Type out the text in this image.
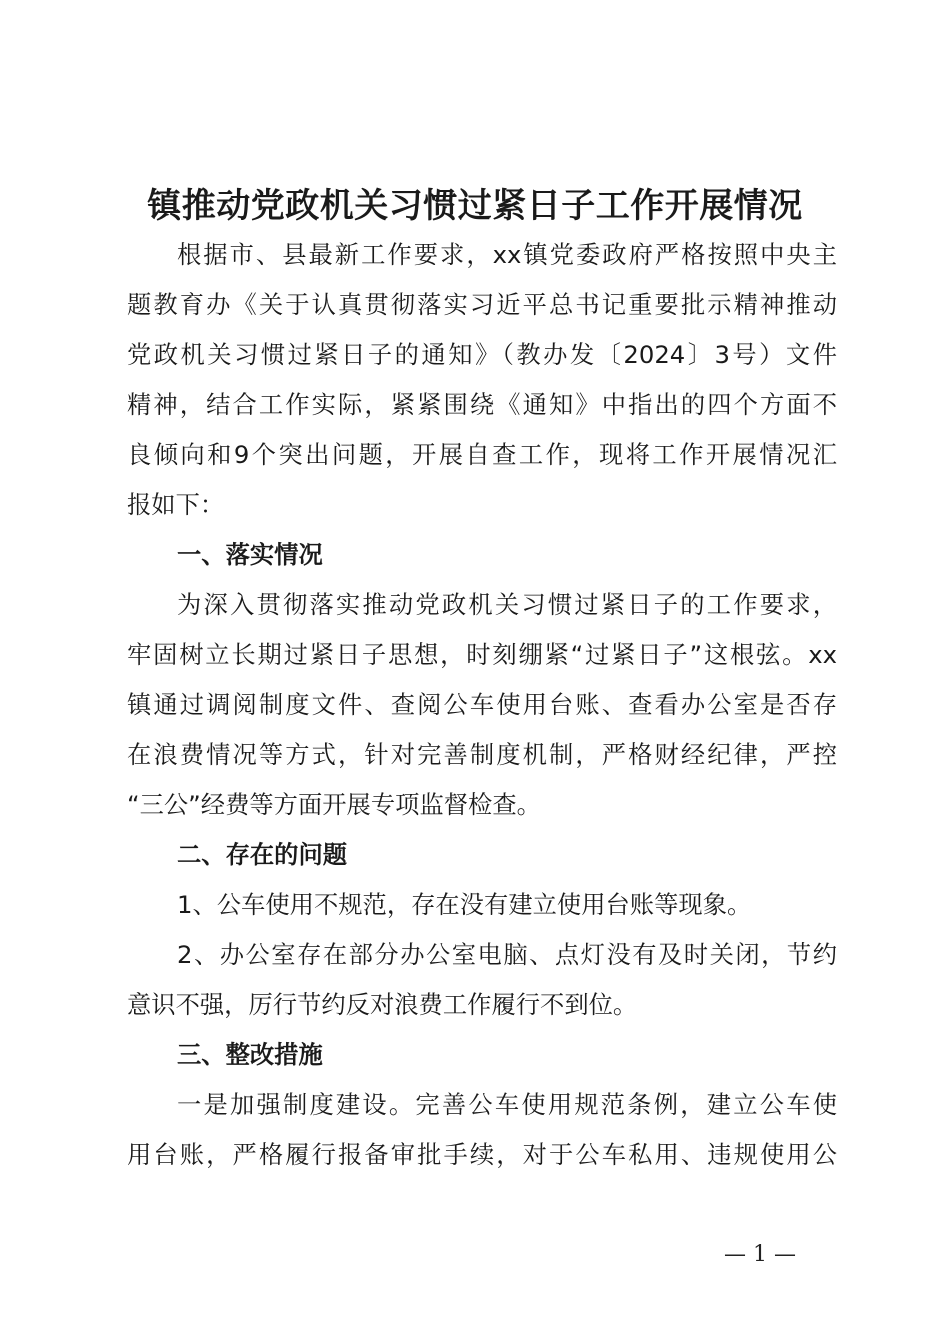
镇推动党政机关习惯过紧日子工作开展情况
根据市、县最新工作要求，xx镇党委政府严格按照中央主
题教育办《关于认真贯彻落实习近平总书记重要批示精神推动
党政机关习惯过紧日子的通知》（教办发〔2024〕3号）文件
精神，结合工作实际，紧紧围绕《通知》中指出的四个方面不
良倾向和9个突出问题，开展自查工作，现将工作开展情况汇
报如下：
一、落实情况
为深入贯彻落实推动党政机关习惯过紧日子的工作要求，
牢固树立长期过紧日子思想，时刻绷紧“过紧日子”这根弦。xx
镇通过调阅制度文件、查阅公车使用台账、查看办公室是否存
在浪费情况等方式，针对完善制度机制，严格财经纪律，严控
“三公”经费等方面开展专项监督检查。
二、存在的问题
1、公车使用不规范，存在没有建立使用台账等现象。
2、办公室存在部分办公室电脑、点灯没有及时关闭，节约
意识不强，厉行节约反对浪费工作履行不到位。
三、整改措施
一是加强制度建设。完善公车使用规范条例，建立公车使
用台账，严格履行报备审批手续，对于公车私用、违规使用公
— 1 —
